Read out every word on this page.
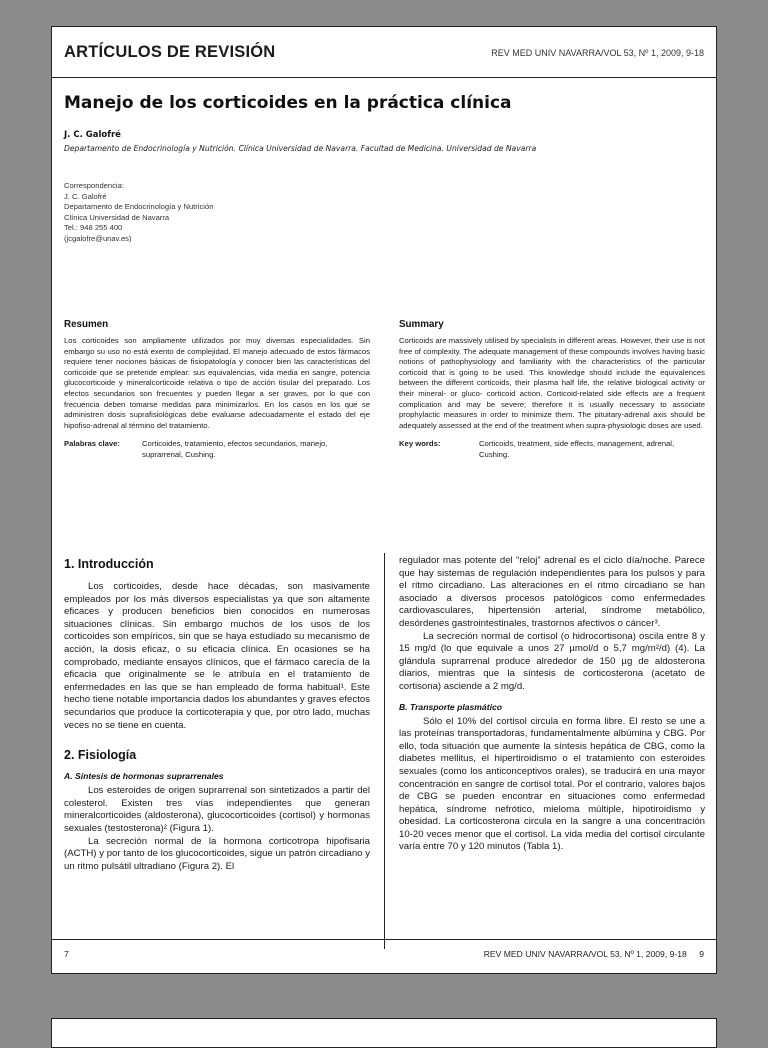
ARTÍCULOS DE REVISIÓN	REV MED UNIV NAVARRA/VOL 53, Nº 1, 2009, 9-18
Manejo de los corticoides en la práctica clínica
J. C. Galofré
Departamento de Endocrinología y Nutrición. Clínica Universidad de Navarra. Facultad de Medicina. Universidad de Navarra
Correspondencia:
J. C. Galofré
Departamento de Endocrinología y Nutrición
Clínica Universidad de Navarra
Tel.: 948 255 400
(jcgalofre@unav.es)
Resumen
Los corticoides son ampliamente utilizados por muy diversas especialidades. Sin embargo su uso no está exento de complejidad. El manejo adecuado de estos fármacos requiere tener nociones básicas de fisiopatología y conocer bien las características del corticoide que se pretende emplear: sus equivalencias, vida media en sangre, potencia glucocorticoide y mineralcorticoide relativa o tipo de acción tisular del preparado. Los efectos secundarios son frecuentes y pueden llegar a ser graves, por lo que con frecuencia deben tomarse medidas para minimizarlos. En los casos en los que se administren dosis suprafisiológicas debe evaluarse adecuadamente el estado del eje hipofiso-adrenal al término del tratamiento.
Palabras clave:	Corticoides, tratamiento, efectos secundarios, manejo, suprarrenal, Cushing.
Summary
Corticoids are massively utilised by specialists in different areas. However, their use is not free of complexity. The adequate management of these compounds involves having basic notions of pathophysiology and familiarity with the characteristics of the particular corticoid that is going to be used. This knowledge should include the equivalences between the different corticoids, their plasma half life, the relative biological activity or their mineral- or gluco- corticoid action. Corticoid-related side effects are a frequent complication and may be severe; therefore it is usually necessary to associate prophylactic measures in order to minimize them. The pituitary-adrenal axis should be adequately assessed at the end of the treatment when supra-physiologic doses are used.
Key words:	Corticoids, treatment, side effects, management, adrenal, Cushing.
1. Introducción

Los corticoides, desde hace décadas, son masivamente empleados por los más diversos especialistas ya que son altamente eficaces y producen beneficios bien conocidos en numerosas situaciones clínicas. Sin embargo muchos de los usos de los corticoides son empíricos, sin que se haya estudiado su mecanismo de acción, la dosis eficaz, o su eficacia clínica. En ocasiones se ha comprobado, mediante ensayos clínicos, que el fármaco carecía de la eficacia que originalmente se le atribuía en el tratamiento de enfermedades en las que se han empleado de forma habitual¹. Este hecho tiene notable importancia dados los abundantes y graves efectos secundarios que produce la corticoterapia y que, por otro lado, muchas veces no se tiene en cuenta.

2. Fisiología
A. Síntesis de hormonas suprarrenales

Los esteroides de origen suprarrenal son sintetizados a partir del colesterol. Existen tres vías independientes que generan mineralcorticoides (aldosterona), glucocorticoides (cortisol) y hormonas sexuales (testosterona)² (Figura 1).

La secreción normal de la hormona corticotropa hipofisaria (ACTH) y por tanto de los glucocorticoides, sigue un patrón circadiano y un ritmo pulsátil ultradiano (Figura 2). El

regulador mas potente del “reloj” adrenal es el ciclo día/noche. Parece que hay sistemas de regulación independientes para los pulsos y para el ritmo circadiano. Las alteraciones en el ritmo circadiano se han asociado a diversos procesos patológicos como enfermedades cardiovasculares, hipertensión arterial, síndrome metabólico, desórdenes gastrointestinales, trastornos afectivos o cáncer³.

La secreción normal de cortisol (o hidrocortisona) oscila entre 8 y 15 mg/d (lo que equivale a unos 27 µmol/d o 5,7 mg/m²/d) (4). La glándula suprarrenal produce alrededor de 150 µg de aldosterona diarios, mientras que la síntesis de corticosterona (acetato de cortisona) asciende a 2 mg/d.

B. Transporte plasmático

Sólo el 10% del cortisol circula en forma libre. El resto se une a las proteínas transportadoras, fundamentalmente albúmina y CBG. Por ello, toda situación que aumente la síntesis hepática de CBG, como la diabetes mellitus, el hipertiroidismo o el tratamiento con esteroides sexuales (como los anticonceptivos orales), se traducirá en una mayor concentración en sangre de cortisol total. Por el contrario, valores bajos de CBG se pueden encontrar en situaciones como enfermedad hepática, síndrome nefrótico, mieloma múltiple, hipotiroidismo y obesidad. La corticosterona circula en la sangre a una concentración 10-20 veces menor que el cortisol. La vida media del cortisol circulante varía entre 70 y 120 minutos (Tabla 1).

7	REV MED UNIV NAVARRA/VOL 53, Nº 1, 2009, 9-18 9
